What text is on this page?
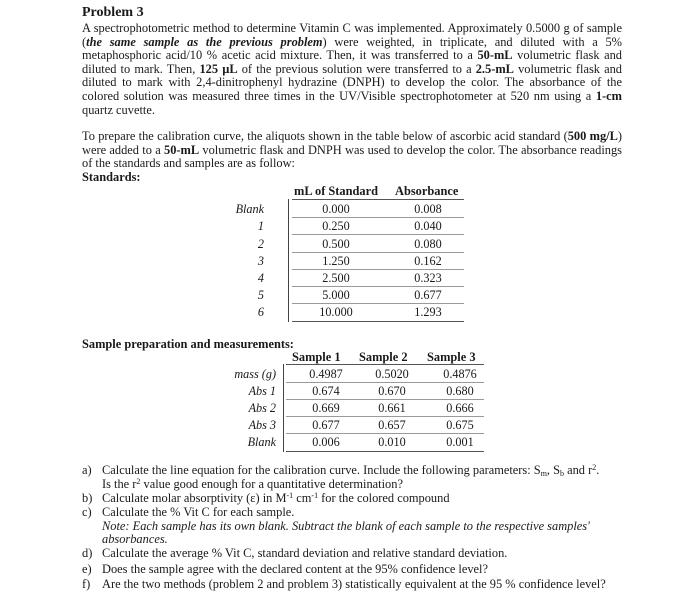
Problem 3
A spectrophotometric method to determine Vitamin C was implemented. Approximately 0.5000 g of sample (the same sample as the previous problem) were weighted, in triplicate, and diluted with a 5% metaphosphoric acid/10 % acetic acid mixture. Then, it was transferred to a 50-mL volumetric flask and diluted to mark. Then, 125 µL of the previous solution were transferred to a 2.5-mL volumetric flask and diluted to mark with 2,4-dinitrophenyl hydrazine (DNPH) to develop the color. The absorbance of the colored solution was measured three times in the UV/Visible spectrophotometer at 520 nm using a 1-cm quartz cuvette.
To prepare the calibration curve, the aliquots shown in the table below of ascorbic acid standard (500 mg/L) were added to a 50-mL volumetric flask and DNPH was used to develop the color. The absorbance readings of the standards and samples are as follow:
Standards:
mL of Standard Absorbance
Blank	0.000	0.008
1	0.250	0.040
2	0.500	0.080
3	1.250	0.162
4	2.500	0.323
5	5.000	0.677
6	10.000	1.293
Sample preparation and measurements:
Sample 1 Sample 2 Sample 3
mass (g)	0.4987	0.5020	0.4876
Abs 1	0.674	0.670	0.680
Abs 2	0.669	0.661	0.666
Abs 3	0.677	0.657	0.675
Blank	0.006	0.010	0.001
a) Calculate the line equation for the calibration curve. Include the following parameters: $S_m$, $S_b$ and $r^2$.
Is the $r^2$ value good enough for a quantitative determination?
b) Calculate molar absorptivity (ε) in $M^{-1}$ $cm^{-1}$ for the colored compound
c) Calculate the % Vit C for each sample.
Note: Each sample has its own blank. Subtract the blank of each sample to the respective samples' absorbances.
d) Calculate the average % Vit C, standard deviation and relative standard deviation.
e) Does the sample agree with the declared content at the 95% confidence level?
f) Are the two methods (problem 2 and problem 3) statistically equivalent at the 95 % confidence level?
